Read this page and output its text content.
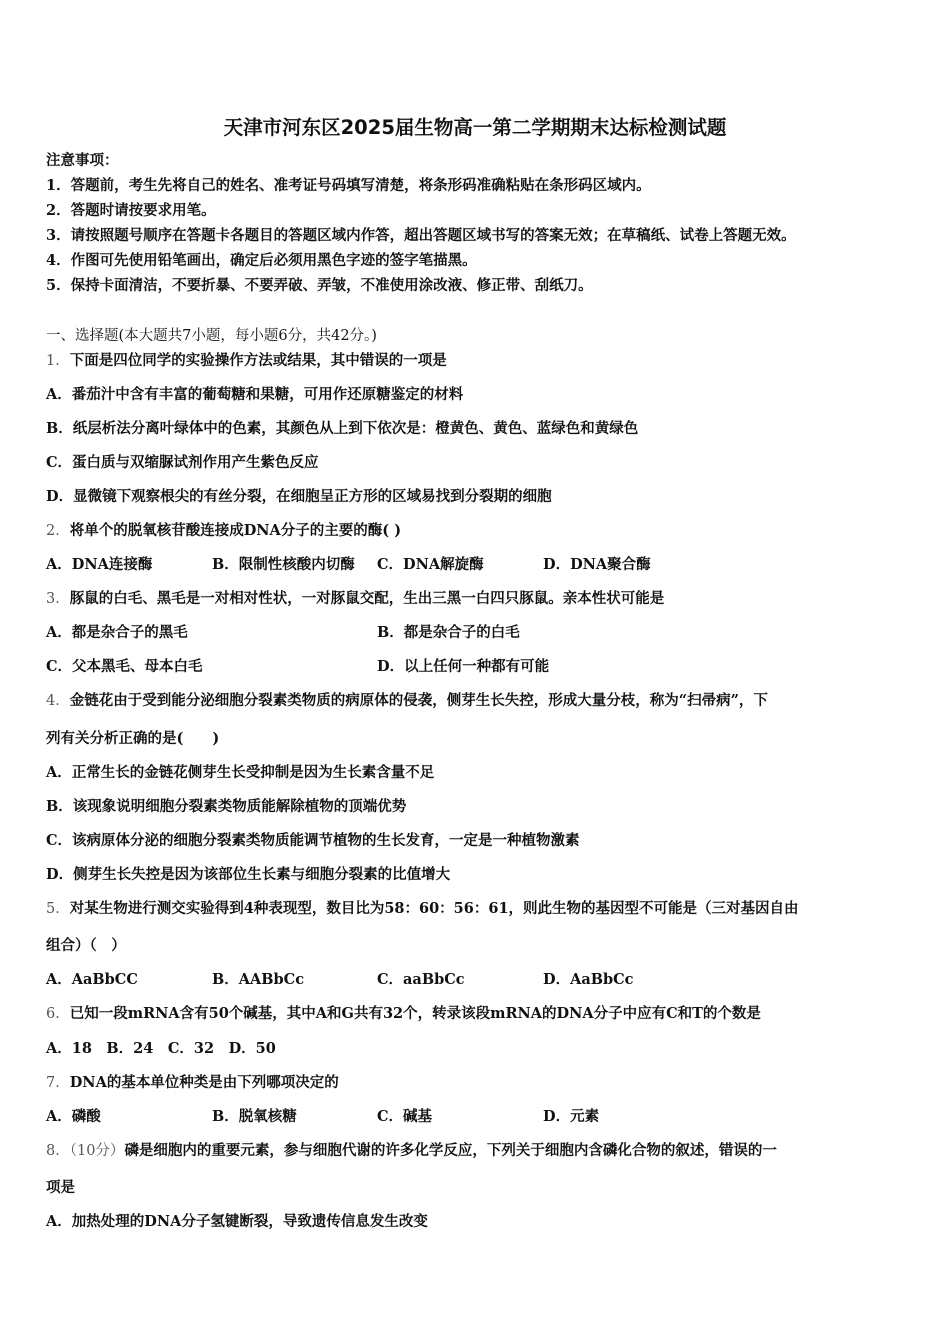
天津市河东区2025届生物高一第二学期期末达标检测试题
注意事项：
1．答题前，考生先将自己的姓名、准考证号码填写清楚，将条形码准确粘贴在条形码区域内。
2．答题时请按要求用笔。
3．请按照题号顺序在答题卡各题目的答题区域内作答，超出答题区域书写的答案无效；在草稿纸、试卷上答题无效。
4．作图可先使用铅笔画出，确定后必须用黑色字迹的签字笔描黑。
5．保持卡面清洁，不要折暴、不要弄破、弄皱，不准使用涂改液、修正带、刮纸刀。
一、选择题(本大题共7小题，每小题6分，共42分。)
1．下面是四位同学的实验操作方法或结果，其中错误的一项是
A．番茄汁中含有丰富的葡萄糖和果糖，可用作还原糖鉴定的材料
B．纸层析法分离叶绿体中的色素，其颜色从上到下依次是：橙黄色、黄色、蓝绿色和黄绿色
C．蛋白质与双缩脲试剂作用产生紫色反应
D．显微镜下观察根尖的有丝分裂，在细胞呈正方形的区域易找到分裂期的细胞
2．将单个的脱氧核苷酸连接成DNA分子的主要的酶( )
A．DNA连接酶	B．限制性核酸内切酶 C．DNA解旋酶	D．DNA聚合酶
3．豚鼠的白毛、黑毛是一对相对性状，一对豚鼠交配，生出三黑一白四只豚鼠。亲本性状可能是
A．都是杂合子的黑毛	B．都是杂合子的白毛
C．父本黑毛、母本白毛	D．以上任何一种都有可能
4．金链花由于受到能分泌细胞分裂素类物质的病原体的侵袭，侧芽生长失控，形成大量分枝，称为“扫帚病”，下
列有关分析正确的是(　　)
A．正常生长的金链花侧芽生长受抑制是因为生长素含量不足
B．该现象说明细胞分裂素类物质能解除植物的顶端优势
C．该病原体分泌的细胞分裂素类物质能调节植物的生长发育，一定是一种植物激素
D．侧芽生长失控是因为该部位生长素与细胞分裂素的比值增大
5．对某生物进行测交实验得到4种表现型，数目比为58：60：56：61，则此生物的基因型不可能是（三对基因自由
组合）（　）
A．AaBbCC	B．AABbCc	C．aaBbCc	D．AaBbCc
6．已知一段mRNA含有50个碱基，其中A和G共有32个，转录该段mRNA的DNA分子中应有C和T的个数是
A．18　B．24　C．32　D．50
7．DNA的基本单位种类是由下列哪项决定的
A．磷酸	B．脱氧核糖	C．碱基	D．元素
8．（10分）磷是细胞内的重要元素，参与细胞代谢的许多化学反应，下列关于细胞内含磷化合物的叙述，错误的一
项是
A．加热处理的DNA分子氢键断裂，导致遗传信息发生改变
